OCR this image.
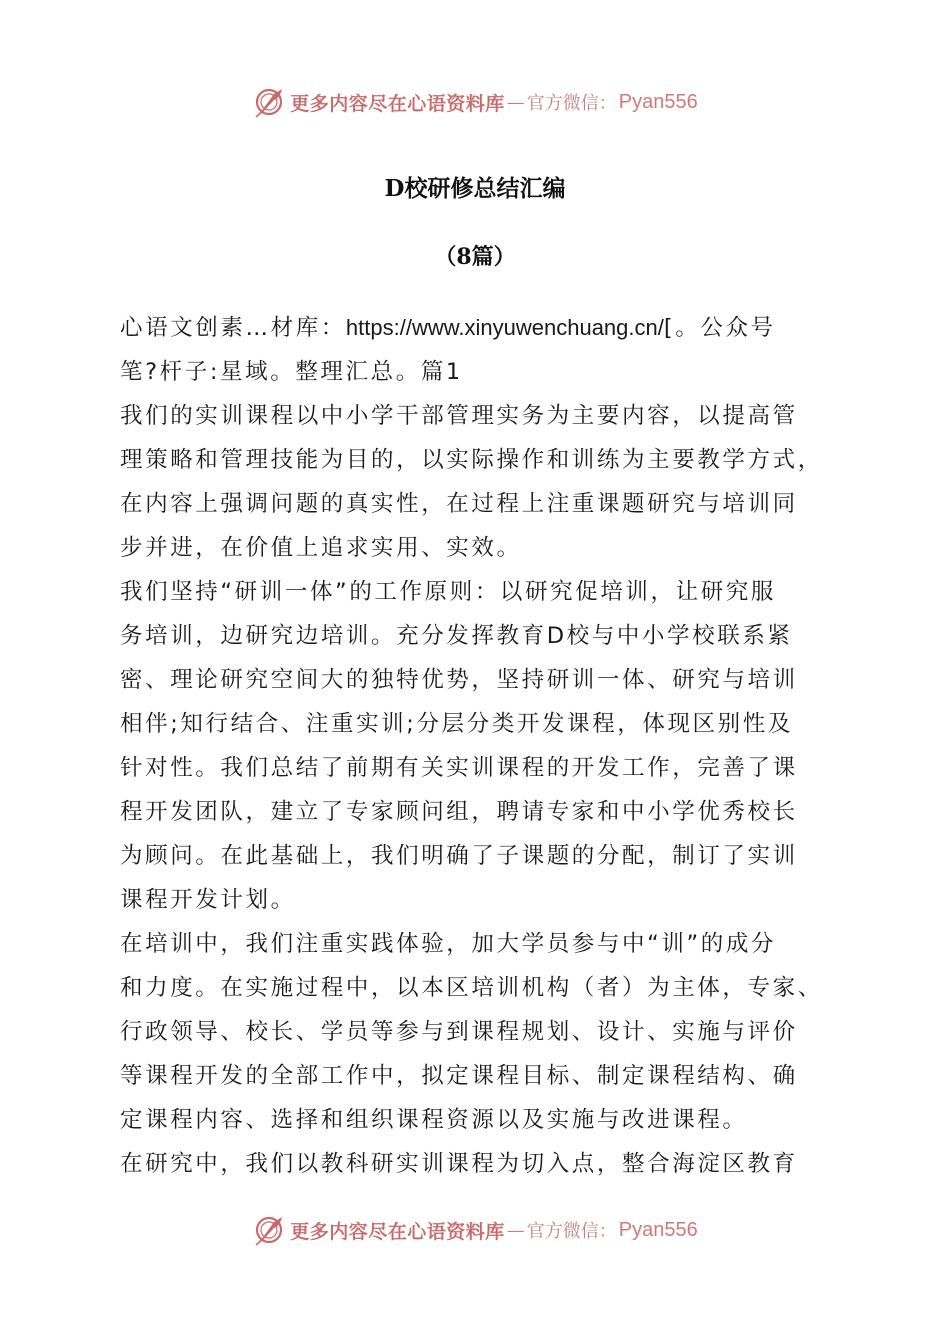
更多内容尽在心语资料库 — 官方微信： Pyan556
D校研修总结汇编
（8篇）
心语文创素…材库：https://www.xinyuwenchuang.cn/[。公众号
笔?杆子:星域。整理汇总。篇1
我们的实训课程以中小学干部管理实务为主要内容，以提高管
理策略和管理技能为目的，以实际操作和训练为主要教学方式，
在内容上强调问题的真实性，在过程上注重课题研究与培训同
步并进，在价值上追求实用、实效。
我们坚持“研训一体”的工作原则：以研究促培训，让研究服
务培训，边研究边培训。充分发挥教育D校与中小学校联系紧
密、理论研究空间大的独特优势，坚持研训一体、研究与培训
相伴;知行结合、注重实训;分层分类开发课程，体现区别性及
针对性。我们总结了前期有关实训课程的开发工作，完善了课
程开发团队，建立了专家顾问组，聘请专家和中小学优秀校长
为顾问。在此基础上，我们明确了子课题的分配，制订了实训
课程开发计划。
在培训中，我们注重实践体验，加大学员参与中“训”的成分
和力度。在实施过程中，以本区培训机构（者）为主体，专家、
行政领导、校长、学员等参与到课程规划、设计、实施与评价
等课程开发的全部工作中，拟定课程目标、制定课程结构、确
定课程内容、选择和组织课程资源以及实施与改进课程。
在研究中，我们以教科研实训课程为切入点，整合海淀区教育
更多内容尽在心语资料库 — 官方微信： Pyan556
